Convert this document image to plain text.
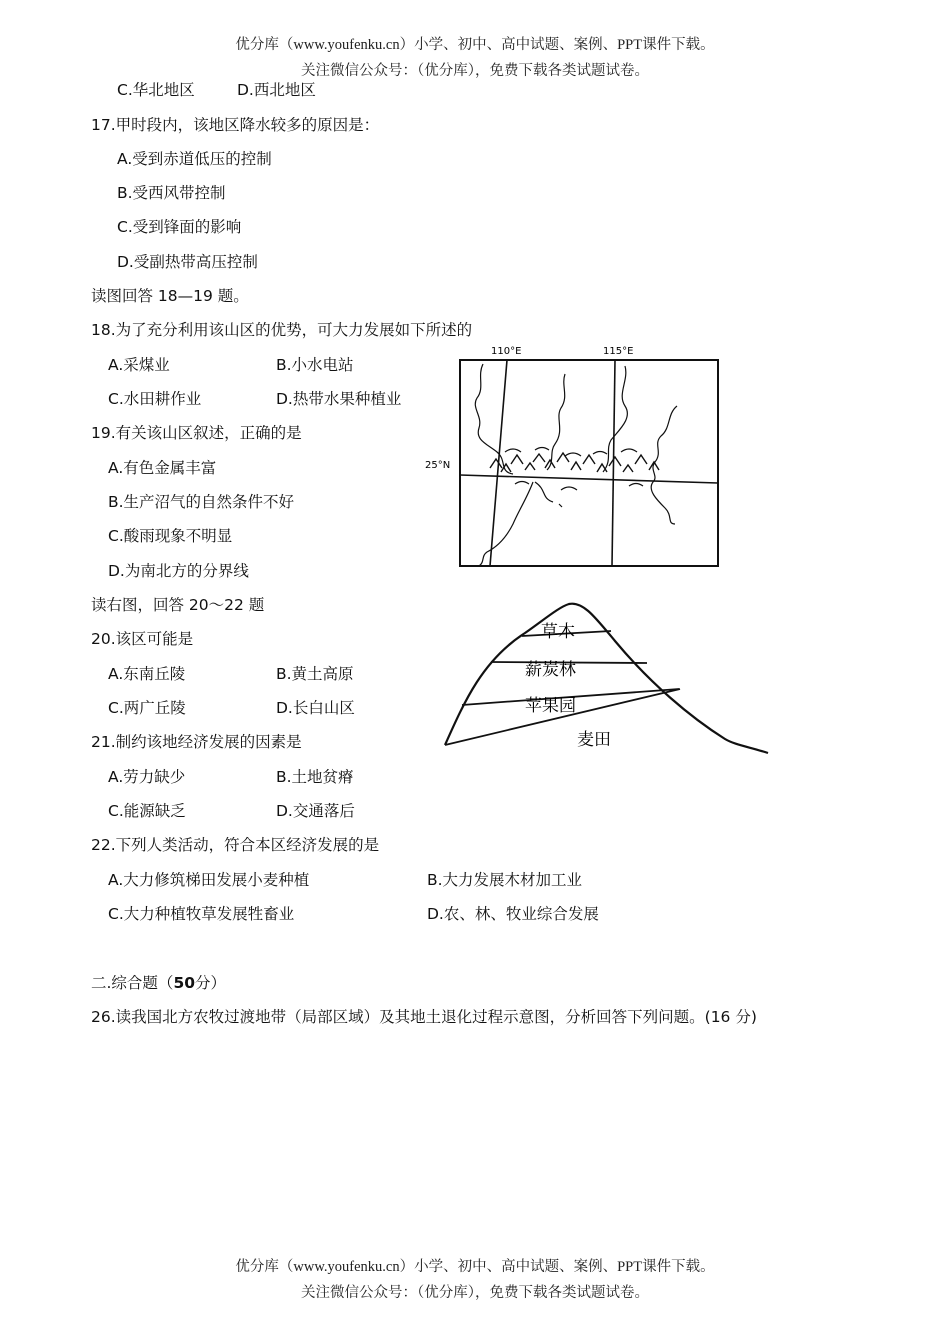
优分库（www.youfenku.cn）小学、初中、高中试题、案例、PPT课件下载。
关注微信公众号：（优分库），免费下载各类试题试卷。
C.华北地区	D.西北地区
17.甲时段内，该地区降水较多的原因是：
A.受到赤道低压的控制
B.受西风带控制
C.受到锋面的影响
D.受副热带高压控制
读图回答 18—19 题。
18.为了充分利用该山区的优势，可大力发展如下所述的
A.采煤业	B.小水电站
C.水田耕作业	D.热带水果种植业
19.有关该山区叙述，正确的是
A.有色金属丰富
B.生产沼气的自然条件不好
C.酸雨现象不明显
D.为南北方的分界线
读右图，回答 20～22 题
20.该区可能是
A.东南丘陵	B.黄土高原
C.两广丘陵	D.长白山区
21.制约该地经济发展的因素是
A.劳力缺少	B.土地贫瘠
C.能源缺乏	D.交通落后
22.下列人类活动，符合本区经济发展的是
A.大力修筑梯田发展小麦种植	B.大力发展木材加工业
C.大力种植牧草发展牲畜业	D.农、林、牧业综合发展
二.综合题（50分）
26.读我国北方农牧过渡地带（局部区域）及其地土退化过程示意图，分析回答下列问题。(16 分)
110°E	115°E
25°N
草木
薪炭林
苹果园
麦田
优分库（www.youfenku.cn）小学、初中、高中试题、案例、PPT课件下载。
关注微信公众号：（优分库），免费下载各类试题试卷。
